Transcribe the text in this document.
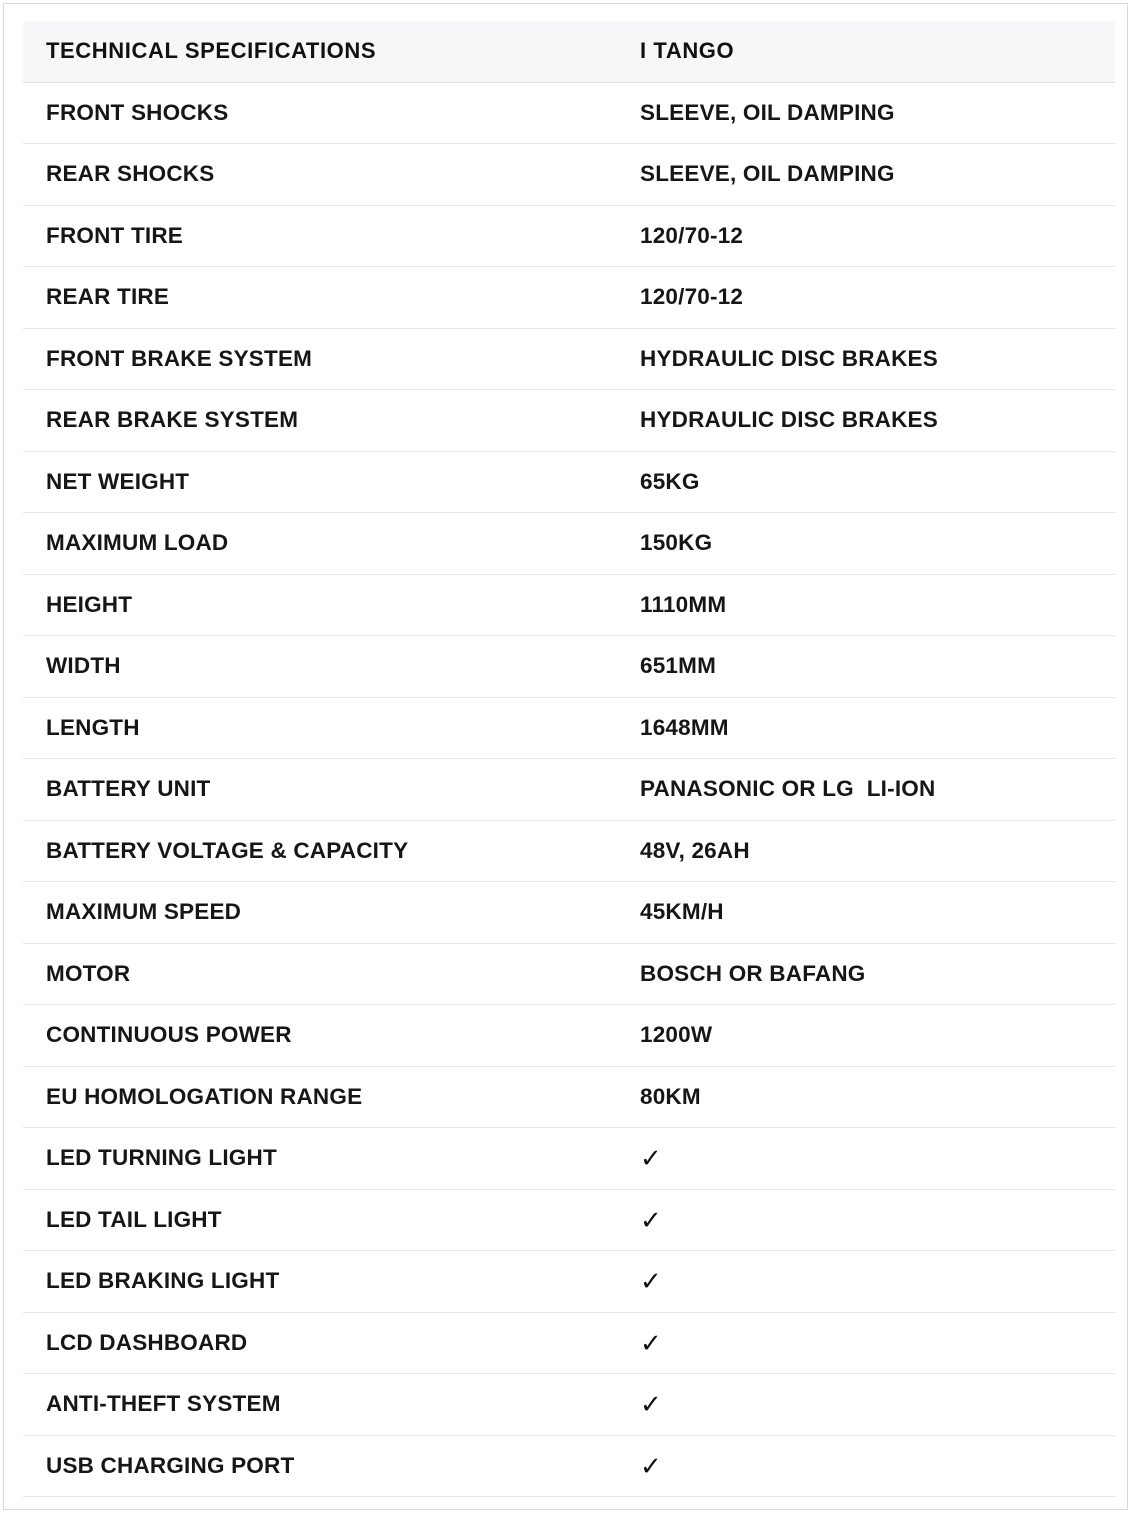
TECHNICAL SPECIFICATIONS	I TANGO
FRONT SHOCKS	SLEEVE, OIL DAMPING
REAR SHOCKS	SLEEVE, OIL DAMPING
FRONT TIRE	120/70-12
REAR TIRE	120/70-12
FRONT BRAKE SYSTEM	HYDRAULIC DISC BRAKES
REAR BRAKE SYSTEM	HYDRAULIC DISC BRAKES
NET WEIGHT	65KG
MAXIMUM LOAD	150KG
HEIGHT	1110MM
WIDTH	651MM
LENGTH	1648MM
BATTERY UNIT	PANASONIC OR LG  LI-ION
BATTERY VOLTAGE & CAPACITY	48V, 26AH
MAXIMUM SPEED	45KM/H
MOTOR	BOSCH OR BAFANG
CONTINUOUS POWER	1200W
EU HOMOLOGATION RANGE	80KM
LED TURNING LIGHT	✓
LED TAIL LIGHT	✓
LED BRAKING LIGHT	✓
LCD DASHBOARD	✓
ANTI-THEFT SYSTEM	✓
USB CHARGING PORT	✓
